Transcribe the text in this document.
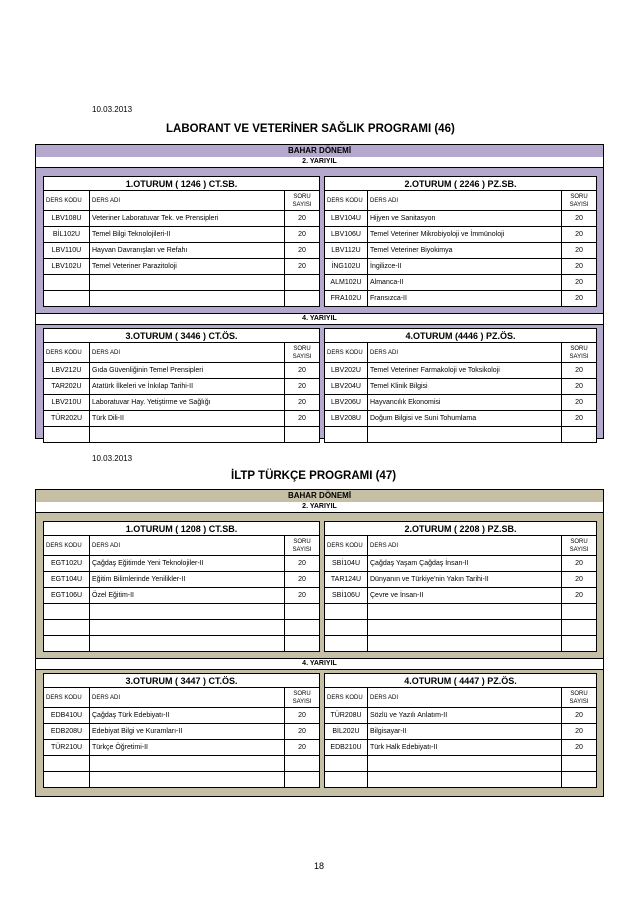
10.03.2013
LABORANT VE VETERİNER SAĞLIK PROGRAMI (46)
BAHAR DÖNEMİ
2. YARIYIL
1.OTURUM ( 1246 ) CT.SB.		
DERS KODU	DERS ADI	SORU
SAYISI
LBV108U	Veteriner Laboratuvar Tek. ve Prensipleri	20
BİL102U	Temel Bilgi Teknolojileri-II	20
LBV110U	Hayvan Davranışları ve Refahı	20
LBV102U	Temel Veteriner Parazitoloji	20

2.OTURUM ( 2246 ) PZ.SB.		
DERS KODU	DERS ADI	SORU
SAYISI
LBV104U	Hijyen ve Sanitasyon	20
LBV106U	Temel Veteriner Mikrobiyoloji ve İmmünoloji	20
LBV112U	Temel Veteriner Biyokimya	20
İNG102U	İngilizce-II	20
ALM102U	Almanca-II	20
FRA102U	Fransızca-II	20
4. YARIYIL
3.OTURUM ( 3446 ) CT.ÖS.		
DERS KODU	DERS ADI	SORU
SAYISI
LBV212U	Gıda Güvenliğinin Temel Prensipleri	20
TAR202U	Atatürk İlkeleri ve İnkılap Tarihi-II	20
LBV210U	Laboratuvar Hay. Yetiştirme ve Sağlığı	20
TÜR202U	Türk Dili-II	20

4.OTURUM (4446 ) PZ.ÖS.		
DERS KODU	DERS ADI	SORU
SAYISI
LBV202U	Temel Veteriner Farmakoloji ve Toksikoloji	20
LBV204U	Temel Klinik Bilgisi	20
LBV206U	Hayvancılık Ekonomisi	20
LBV208U	Doğum Bilgisi ve Suni Tohumlama	20

10.03.2013
İLTP TÜRKÇE PROGRAMI (47)
BAHAR DÖNEMİ
2. YARIYIL
1.OTURUM ( 1208 ) CT.SB.		
DERS KODU	DERS ADI	SORU
SAYISI
EGT102U	Çağdaş Eğitimde Yeni Teknolojiler-II	20
EGT104U	Eğitim Bilimlerinde Yenilikler-II	20
EGT106U	Özel Eğitim-II	20

2.OTURUM ( 2208 ) PZ.SB.		
DERS KODU	DERS ADI	SORU
SAYISI
SBİ104U	Çağdaş Yaşam Çağdaş İnsan-II	20
TAR124U	Dünyanın ve Türkiye'nin Yakın Tarihi-II	20
SBİ106U	Çevre ve İnsan-II	20

4. YARIYIL
3.OTURUM ( 3447 ) CT.ÖS.		
DERS KODU	DERS ADI	SORU
SAYISI
EDB410U	Çağdaş Türk Edebiyatı-II	20
EDB208U	Edebiyat Bilgi ve Kuramları-II	20
TÜR210U	Türkçe Öğretimi-II	20

4.OTURUM ( 4447 ) PZ.ÖS.		
DERS KODU	DERS ADI	SORU
SAYISI
TÜR208U	Sözlü ve Yazılı Anlatım-II	20
BİL202U	Bilgisayar-II	20
EDB210U	Türk Halk Edebiyatı-II	20

18
